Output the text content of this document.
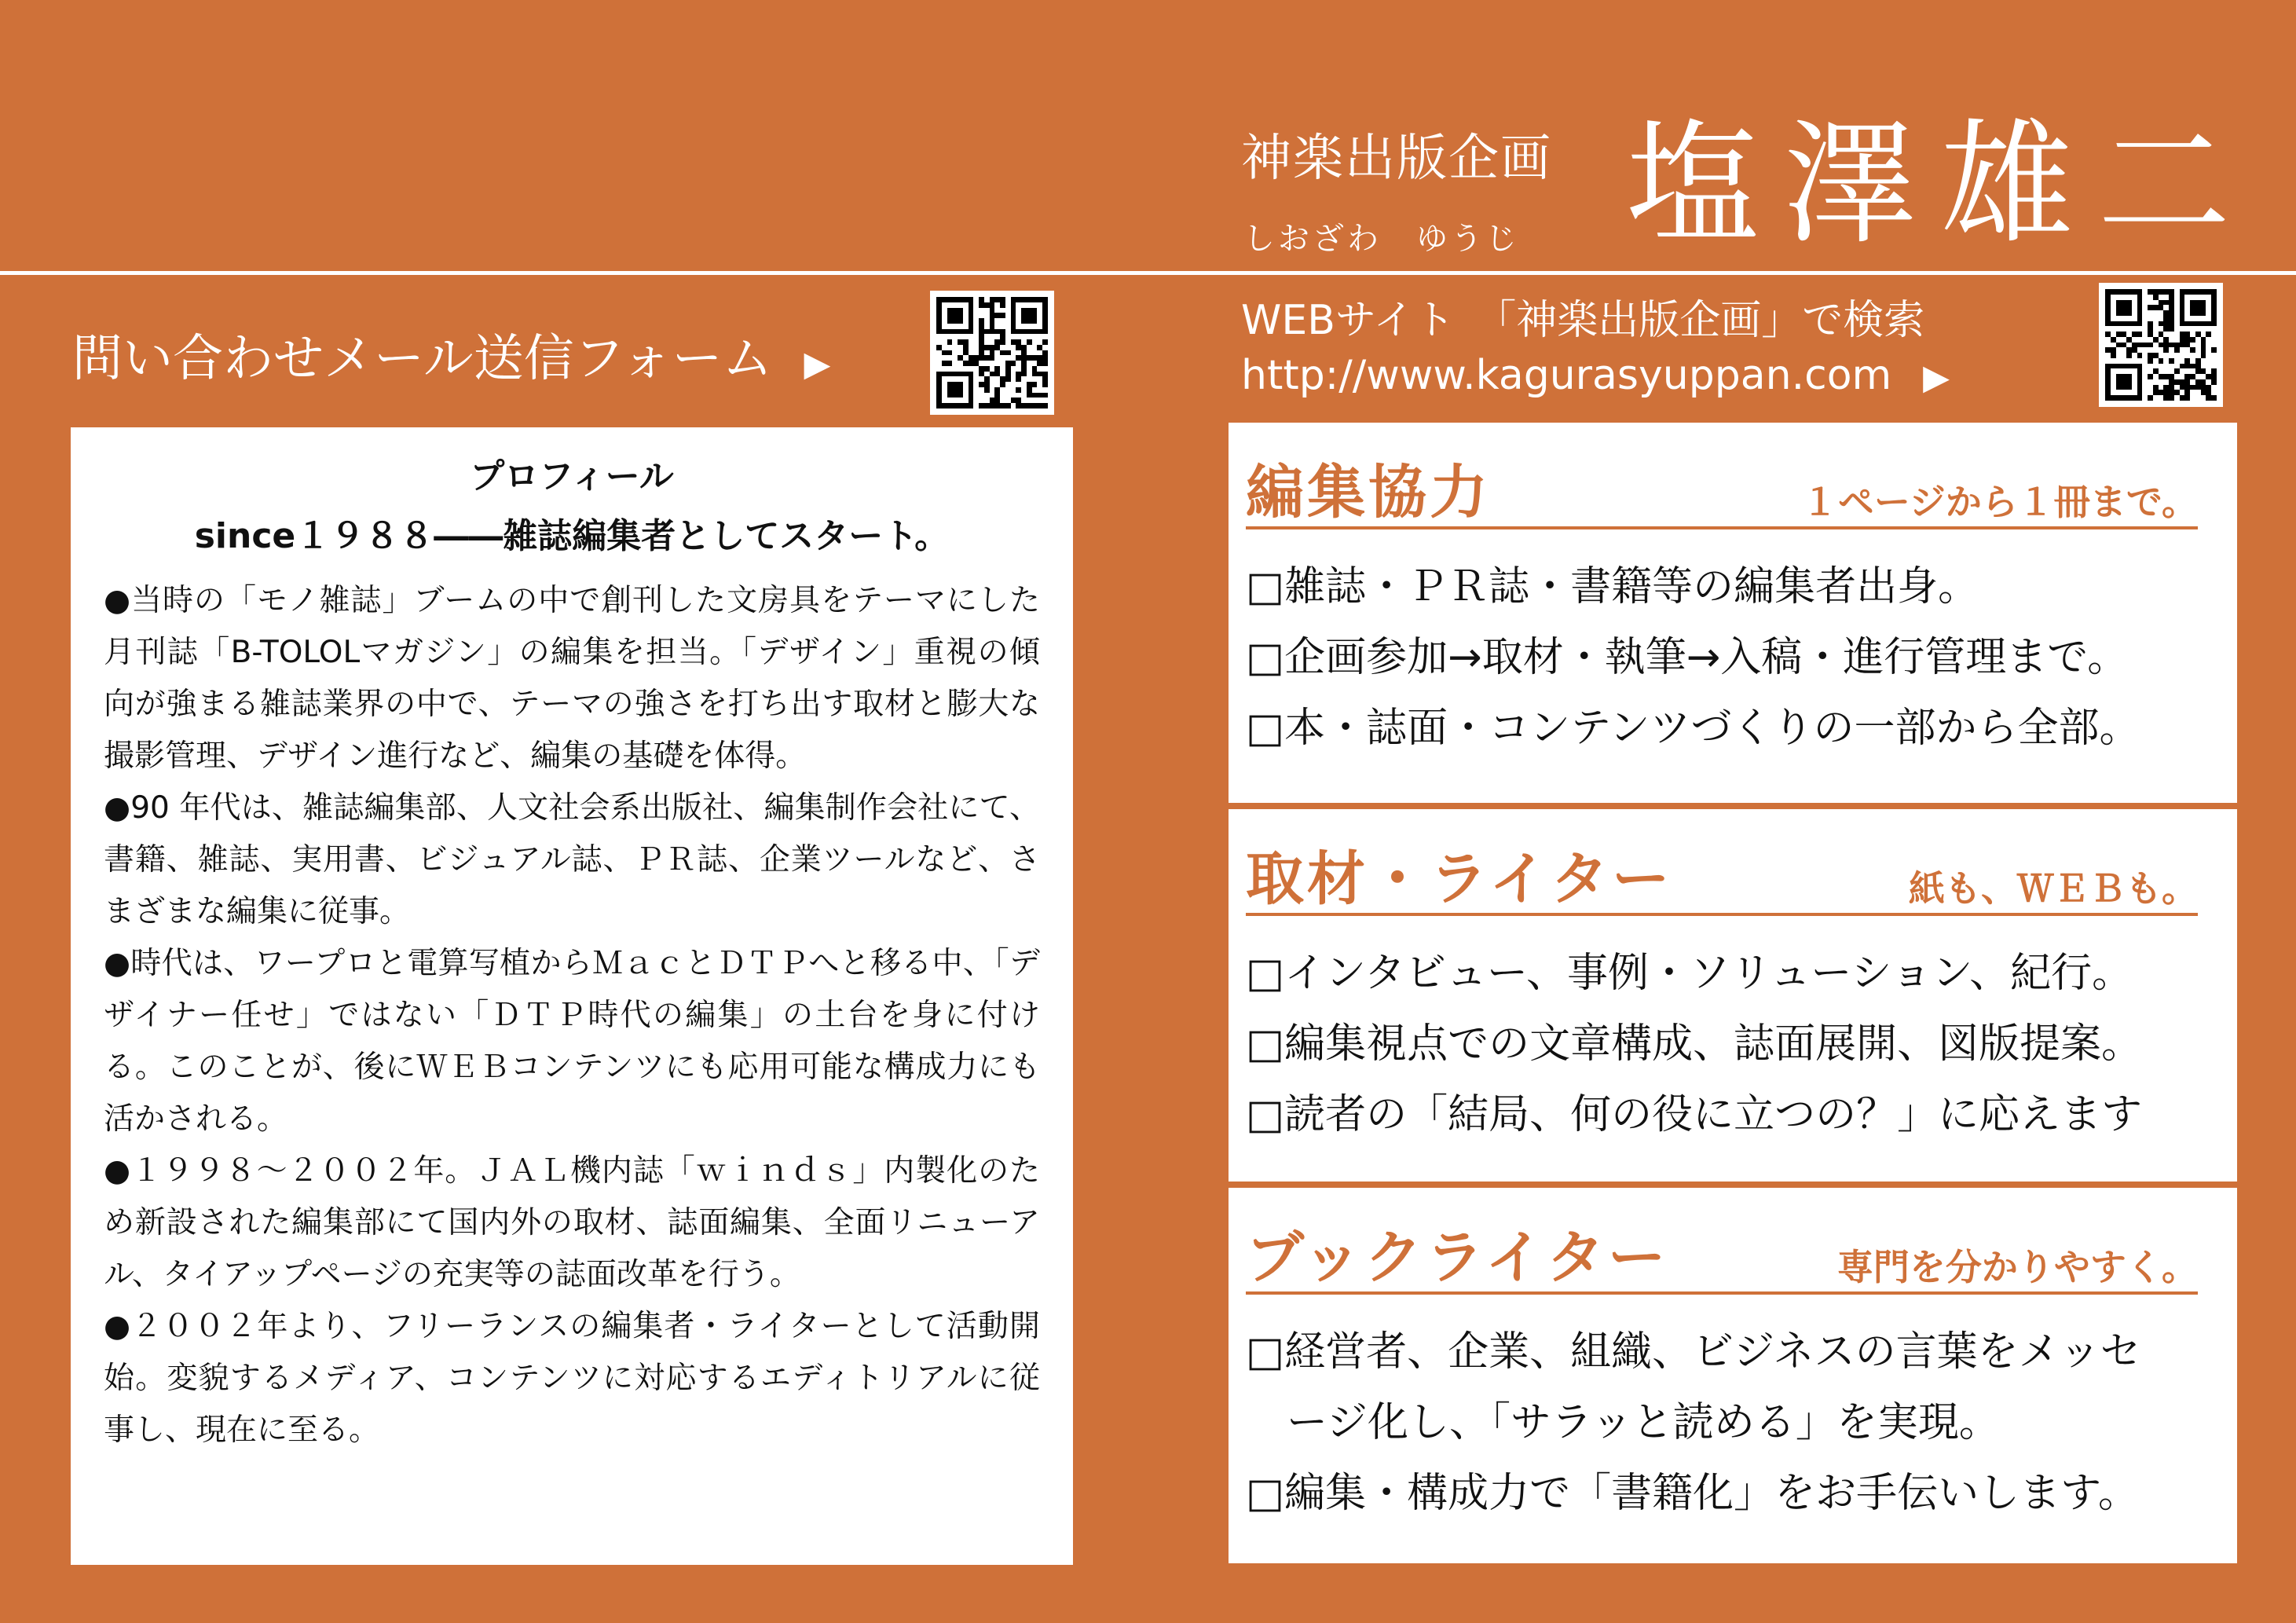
神楽出版企画
しおざわ　ゆうじ 塩澤雄二
問い合わせメール送信フォーム ▶
WEBサイト　「神楽出版企画」で検索
http://www.kagurasyuppan.com ▶
プロフィール
since１９８８――雑誌編集者としてスタート。

●当時の「モノ雑誌」ブームの中で創刊した文房具をテーマにした月刊誌「B-TOLOLマガジン」の編集を担当。「デザイン」重視の傾向が強まる雑誌業界の中で、テーマの強さを打ち出す取材と膨大な撮影管理、デザイン進行など、編集の基礎を体得。

●90 年代は、雑誌編集部、人文社会系出版社、編集制作会社にて、書籍、雑誌、実用書、ビジュアル誌、ＰＲ誌、企業ツールなど、さまざまな編集に従事。

●時代は、ワープロと電算写植からＭａｃとＤＴＰへと移る中、「デザイナー任せ」ではない「ＤＴＰ時代の編集」の土台を身に付ける。このことが、後にＷＥＢコンテンツにも応用可能な構成力にも活かされる。

●１９９８～２００２年。ＪＡＬ機内誌「ｗｉｎｄｓ」内製化のため新設された編集部にて国内外の取材、誌面編集、全面リニューアル、タイアップページの充実等の誌面改革を行う。

●２００２年より、フリーランスの編集者・ライターとして活動開始。変貌するメディア、コンテンツに対応するエディトリアルに従事し、現在に至る。

編集協力	１ページから１冊まで。
□雑誌・ＰＲ誌・書籍等の編集者出身。
□企画参加→取材・執筆→入稿・進行管理まで。
□本・誌面・コンテンツづくりの一部から全部。
取材・ライター	紙も、ＷＥＢも。
□インタビュー、事例・ソリューション、紀行。
□編集視点での文章構成、誌面展開、図版提案。
□読者の「結局、何の役に立つの？」に応えます
ブックライター	専門を分かりやすく。
□経営者、企業、組織、ビジネスの言葉をメッセ
ージ化し、「サラッと読める」を実現。
□編集・構成力で「書籍化」をお手伝いします。
